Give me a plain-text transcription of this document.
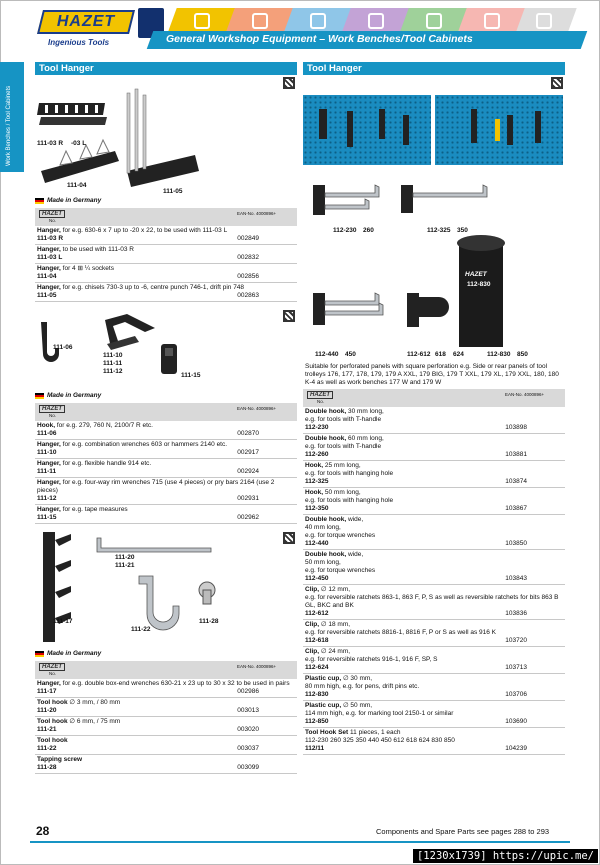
HAZET
Ingenious Tools	General Workshop Equipment – Work Benches/Tool Cabinets
Work Benches / Tool Cabinets
Tool Hanger
111-03 R -03 L
111-04
111-05
Made in Germany
HAZET
No.
EAN-No. 4000896+
Hanger, for e.g. 630-6 x 7 up to -20 x 22, to be used with 111-03 L
111-03 R	002849
Hanger, to be used with 111-03 R
111-03 L	002832
Hanger, for 4 ⊞ ¼ sockets
111-04	002856
Hanger, for e.g. chisels 730-3 up to -6, centre punch 746-1, drift pin 748
111-05	002863
111-06
111-10
111-11
111-12
111-15
Made in Germany
HAZET
No.
EAN-No. 4000896+
Hook, for e.g. 279, 760 N, 2100/7 R etc.
111-06	002870
Hanger, for e.g. combination wrenches 603 or hammers 2140 etc.
111-10	002917
Hanger, for e.g. flexible handle 914 etc.
111-11	002924
Hanger, for e.g. four-way rim wrenches 715 (use 4 pieces) or pry bars 2164 (use 2 pieces)
111-12	002931
Hanger, for e.g. tape measures
111-15	002962
111-20
111-21
111-17
111-22
111-28
Made in Germany
HAZET
No.
EAN-No. 4000896+
Hanger, for e.g. double box-end wrenches 630-21 x 23 up to 30 x 32 to be used in pairs
111-17	002986
Tool hook ∅ 3 mm, / 80 mm
111-20	003013
Tool hook ∅ 6 mm, / 75 mm
111-21	003020
Tool hook
111-22	003037
Tapping screw
111-28	003099
Tool Hanger
112-230 260	112-325 350
112-440 450	112-612 618 624	112-830 850
HAZET
112-830
Suitable for perforated panels with square perforation e.g. Side or rear panels of tool trolleys 176, 177, 178, 179, 179 A XXL, 179 BIG, 179 T XXL, 179 XL, 179 XXL, 180, 180 K-4 as well as work benches 177 W and 179 W
HAZET
No.
EAN-No. 4000896+
Double hook, 30 mm long,
e.g. for tools with T-handle
112-230	103898
Double hook, 60 mm long,
e.g. for tools with T-handle
112-260	103881
Hook, 25 mm long,
e.g. for tools with hanging hole
112-325	103874
Hook, 50 mm long,
e.g. for tools with hanging hole
112-350	103867
Double hook, wide,
40 mm long,
e.g. for torque wrenches
112-440	103850
Double hook, wide,
50 mm long,
e.g. for torque wrenches
112-450	103843
Clip, ∅ 12 mm,
e.g. for reversible ratchets 863-1, 863 F, P, S as well as reversible ratchets for bits 863 B GL, BKC and BK
112-612	103836
Clip, ∅ 18 mm,
e.g. for reversible ratchets 8816-1, 8816 F, P or S as well as 916 K
112-618	103720
Clip, ∅ 24 mm,
e.g. for reversible ratchets 916-1, 916 F, SP, S
112-624	103713
Plastic cup, ∅ 30 mm,
80 mm high, e.g. for pens, drift pins etc.
112-830	103706
Plastic cup, ∅ 50 mm,
114 mm high, e.g. for marking tool 2150-1 or similar
112-850	103690
Tool Hook Set 11 pieces, 1 each
112-230 260 325 350 440 450 612 618 624 830 850
112/11	104239
28	Components and Spare Parts see pages 288 to 293
[1230x1739] https://upic.me/
